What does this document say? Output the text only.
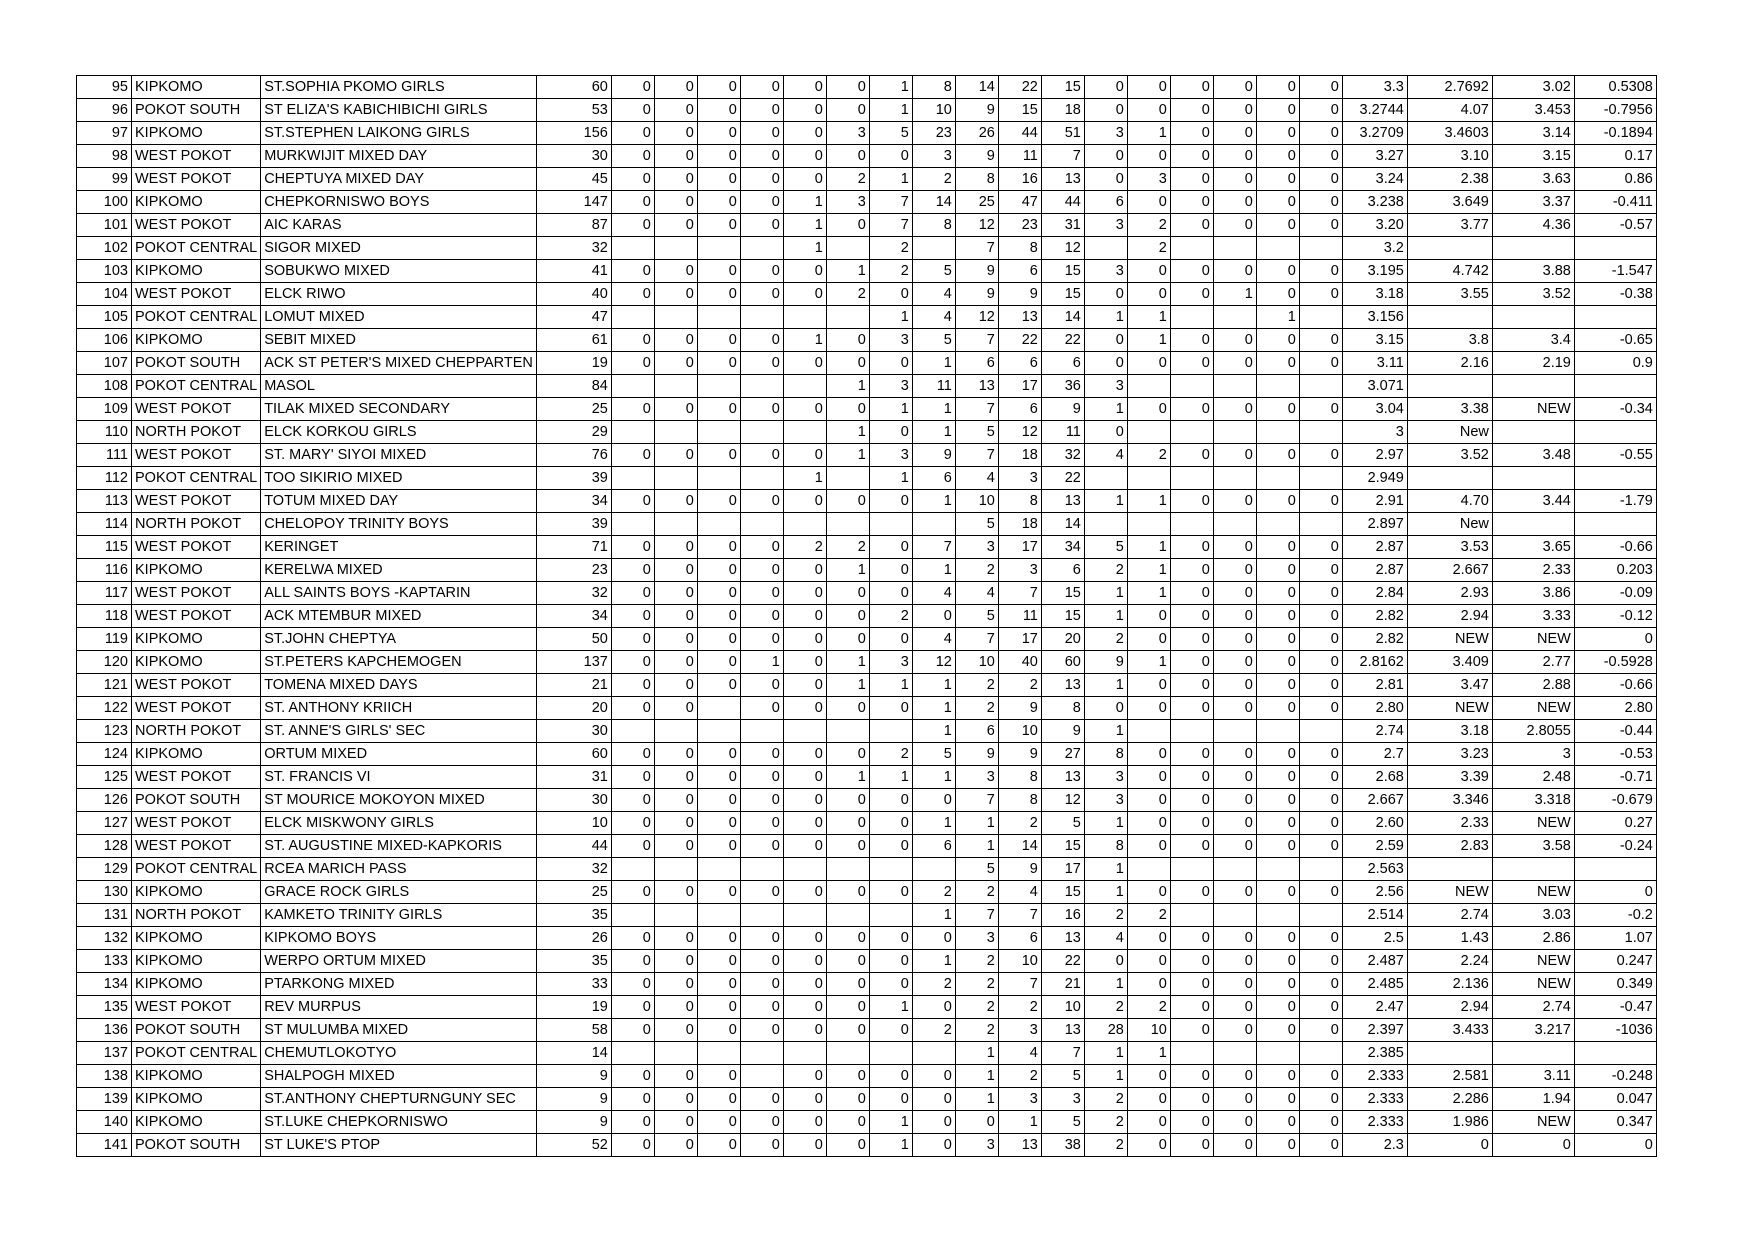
95	KIPKOMO	ST.SOPHIA PKOMO GIRLS	60	0	0	0	0	0	0	1	8	14	22	15	0	0	0	0	0	0	3.3	2.7692	3.02	0.5308
96	POKOT SOUTH	ST ELIZA'S KABICHIBICHI GIRLS	53	0	0	0	0	0	0	1	10	9	15	18	0	0	0	0	0	0	3.2744	4.07	3.453	-0.7956
97	KIPKOMO	ST.STEPHEN LAIKONG GIRLS	156	0	0	0	0	0	3	5	23	26	44	51	3	1	0	0	0	0	3.2709	3.4603	3.14	-0.1894
98	WEST POKOT	MURKWIJIT MIXED DAY	30	0	0	0	0	0	0	0	3	9	11	7	0	0	0	0	0	0	3.27	3.10	3.15	0.17
99	WEST POKOT	CHEPTUYA MIXED DAY	45	0	0	0	0	0	2	1	2	8	16	13	0	3	0	0	0	0	3.24	2.38	3.63	0.86
100	KIPKOMO	CHEPKORNISWO BOYS	147	0	0	0	0	1	3	7	14	25	47	44	6	0	0	0	0	0	3.238	3.649	3.37	-0.411
101	WEST POKOT	AIC KARAS	87	0	0	0	0	1	0	7	8	12	23	31	3	2	0	0	0	0	3.20	3.77	4.36	-0.57
102	POKOT CENTRAL	SIGOR MIXED	32					1		2		7	8	12		2					3.2			
103	KIPKOMO	SOBUKWO MIXED	41	0	0	0	0	0	1	2	5	9	6	15	3	0	0	0	0	0	3.195	4.742	3.88	-1.547
104	WEST POKOT	ELCK RIWO	40	0	0	0	0	0	2	0	4	9	9	15	0	0	0	1	0	0	3.18	3.55	3.52	-0.38
105	POKOT CENTRAL	LOMUT MIXED	47							1	4	12	13	14	1	1			1		3.156			
106	KIPKOMO	SEBIT MIXED	61	0	0	0	0	1	0	3	5	7	22	22	0	1	0	0	0	0	3.15	3.8	3.4	-0.65
107	POKOT SOUTH	ACK ST PETER'S MIXED CHEPPARTEN	19	0	0	0	0	0	0	0	1	6	6	6	0	0	0	0	0	0	3.11	2.16	2.19	0.9
108	POKOT CENTRAL	MASOL	84						1	3	11	13	17	36	3						3.071			
109	WEST POKOT	TILAK MIXED SECONDARY	25	0	0	0	0	0	0	1	1	7	6	9	1	0	0	0	0	0	3.04	3.38	NEW	-0.34
110	NORTH POKOT	ELCK KORKOU GIRLS	29						1	0	1	5	12	11	0						3	New		
111	WEST POKOT	ST. MARY' SIYOI MIXED	76	0	0	0	0	0	1	3	9	7	18	32	4	2	0	0	0	0	2.97	3.52	3.48	-0.55
112	POKOT CENTRAL	TOO SIKIRIO MIXED	39					1		1	6	4	3	22							2.949			
113	WEST POKOT	TOTUM MIXED DAY	34	0	0	0	0	0	0	0	1	10	8	13	1	1	0	0	0	0	2.91	4.70	3.44	-1.79
114	NORTH POKOT	CHELOPOY TRINITY BOYS	39									5	18	14							2.897	New		
115	WEST POKOT	KERINGET	71	0	0	0	0	2	2	0	7	3	17	34	5	1	0	0	0	0	2.87	3.53	3.65	-0.66
116	KIPKOMO	KERELWA MIXED	23	0	0	0	0	0	1	0	1	2	3	6	2	1	0	0	0	0	2.87	2.667	2.33	0.203
117	WEST POKOT	ALL SAINTS BOYS -KAPTARIN	32	0	0	0	0	0	0	0	4	4	7	15	1	1	0	0	0	0	2.84	2.93	3.86	-0.09
118	WEST POKOT	ACK MTEMBUR MIXED	34	0	0	0	0	0	0	2	0	5	11	15	1	0	0	0	0	0	2.82	2.94	3.33	-0.12
119	KIPKOMO	ST.JOHN CHEPTYA	50	0	0	0	0	0	0	0	4	7	17	20	2	0	0	0	0	0	2.82	NEW	NEW	0
120	KIPKOMO	ST.PETERS KAPCHEMOGEN	137	0	0	0	1	0	1	3	12	10	40	60	9	1	0	0	0	0	2.8162	3.409	2.77	-0.5928
121	WEST POKOT	TOMENA MIXED DAYS	21	0	0	0	0	0	1	1	1	2	2	13	1	0	0	0	0	0	2.81	3.47	2.88	-0.66
122	WEST POKOT	ST. ANTHONY KRIICH	20	0	0		0	0	0	0	1	2	9	8	0	0	0	0	0	0	2.80	NEW	NEW	2.80
123	NORTH POKOT	ST. ANNE'S GIRLS' SEC	30								1	6	10	9	1						2.74	3.18	2.8055	-0.44
124	KIPKOMO	ORTUM MIXED	60	0	0	0	0	0	0	2	5	9	9	27	8	0	0	0	0	0	2.7	3.23	3	-0.53
125	WEST POKOT	ST. FRANCIS VI	31	0	0	0	0	0	1	1	1	3	8	13	3	0	0	0	0	0	2.68	3.39	2.48	-0.71
126	POKOT SOUTH	ST MOURICE MOKOYON MIXED	30	0	0	0	0	0	0	0	0	7	8	12	3	0	0	0	0	0	2.667	3.346	3.318	-0.679
127	WEST POKOT	ELCK MISKWONY GIRLS	10	0	0	0	0	0	0	0	1	1	2	5	1	0	0	0	0	0	2.60	2.33	NEW	0.27
128	WEST POKOT	ST. AUGUSTINE MIXED-KAPKORIS	44	0	0	0	0	0	0	0	6	1	14	15	8	0	0	0	0	0	2.59	2.83	3.58	-0.24
129	POKOT CENTRAL	RCEA MARICH PASS	32									5	9	17	1						2.563			
130	KIPKOMO	GRACE ROCK GIRLS	25	0	0	0	0	0	0	0	2	2	4	15	1	0	0	0	0	0	2.56	NEW	NEW	0
131	NORTH POKOT	KAMKETO TRINITY GIRLS	35								1	7	7	16	2	2					2.514	2.74	3.03	-0.2
132	KIPKOMO	KIPKOMO BOYS	26	0	0	0	0	0	0	0	0	3	6	13	4	0	0	0	0	0	2.5	1.43	2.86	1.07
133	KIPKOMO	WERPO ORTUM MIXED	35	0	0	0	0	0	0	0	1	2	10	22	0	0	0	0	0	0	2.487	2.24	NEW	0.247
134	KIPKOMO	PTARKONG MIXED	33	0	0	0	0	0	0	0	2	2	7	21	1	0	0	0	0	0	2.485	2.136	NEW	0.349
135	WEST POKOT	REV MURPUS	19	0	0	0	0	0	0	1	0	2	2	10	2	2	0	0	0	0	2.47	2.94	2.74	-0.47
136	POKOT SOUTH	ST MULUMBA MIXED	58	0	0	0	0	0	0	0	2	2	3	13	28	10	0	0	0	0	2.397	3.433	3.217	-1036
137	POKOT CENTRAL	CHEMUTLOKOTYO	14									1	4	7	1	1					2.385			
138	KIPKOMO	SHALPOGH MIXED	9	0	0	0		0	0	0	0	1	2	5	1	0	0	0	0	0	2.333	2.581	3.11	-0.248
139	KIPKOMO	ST.ANTHONY CHEPTURNGUNY SEC	9	0	0	0	0	0	0	0	0	1	3	3	2	0	0	0	0	0	2.333	2.286	1.94	0.047
140	KIPKOMO	ST.LUKE CHEPKORNISWO	9	0	0	0	0	0	0	1	0	0	1	5	2	0	0	0	0	0	2.333	1.986	NEW	0.347
141	POKOT SOUTH	ST LUKE'S PTOP	52	0	0	0	0	0	0	1	0	3	13	38	2	0	0	0	0	0	2.3	0	0	0
